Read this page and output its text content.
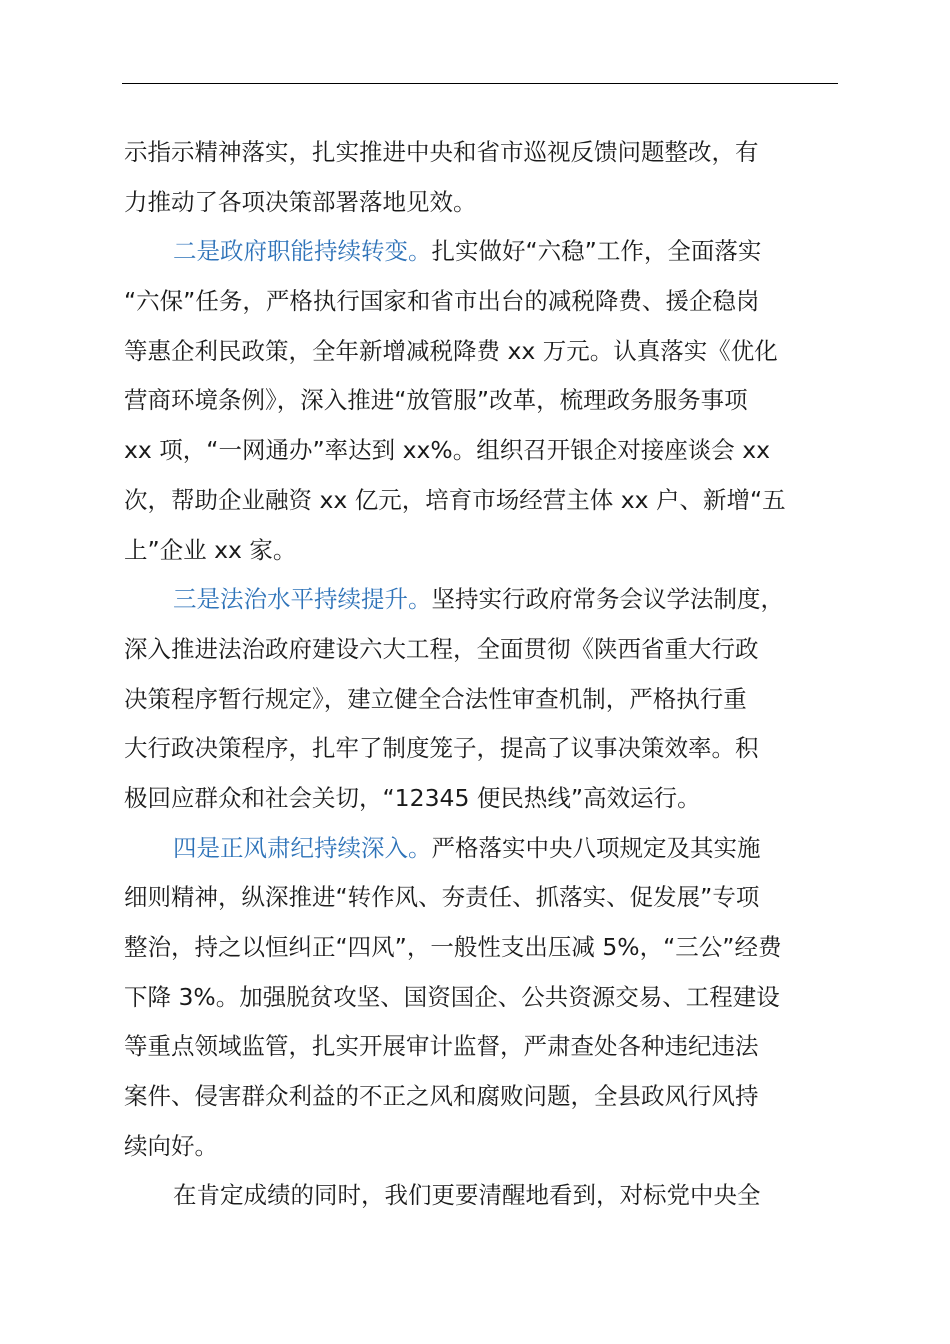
示指示精神落实，扎实推进中央和省市巡视反馈问题整改，有
力推动了各项决策部署落地见效。
二是政府职能持续转变。扎实做好“六稳”工作，全面落实
“六保”任务，严格执行国家和省市出台的减税降费、援企稳岗
等惠企利民政策，全年新增减税降费 xx 万元。认真落实《优化
营商环境条例》，深入推进“放管服”改革，梳理政务服务事项
xx 项，“一网通办”率达到 xx%。组织召开银企对接座谈会 xx
次，帮助企业融资 xx 亿元，培育市场经营主体 xx 户、新增“五
上”企业 xx 家。
三是法治水平持续提升。坚持实行政府常务会议学法制度，
深入推进法治政府建设六大工程，全面贯彻《陕西省重大行政
决策程序暂行规定》，建立健全合法性审查机制，严格执行重
大行政决策程序，扎牢了制度笼子，提高了议事决策效率。积
极回应群众和社会关切，“12345 便民热线”高效运行。
四是正风肃纪持续深入。严格落实中央八项规定及其实施
细则精神，纵深推进“转作风、夯责任、抓落实、促发展”专项
整治，持之以恒纠正“四风”，一般性支出压减 5%，“三公”经费
下降 3%。加强脱贫攻坚、国资国企、公共资源交易、工程建设
等重点领域监管，扎实开展审计监督，严肃查处各种违纪违法
案件、侵害群众利益的不正之风和腐败问题，全县政风行风持
续向好。
在肯定成绩的同时，我们更要清醒地看到，对标党中央全
